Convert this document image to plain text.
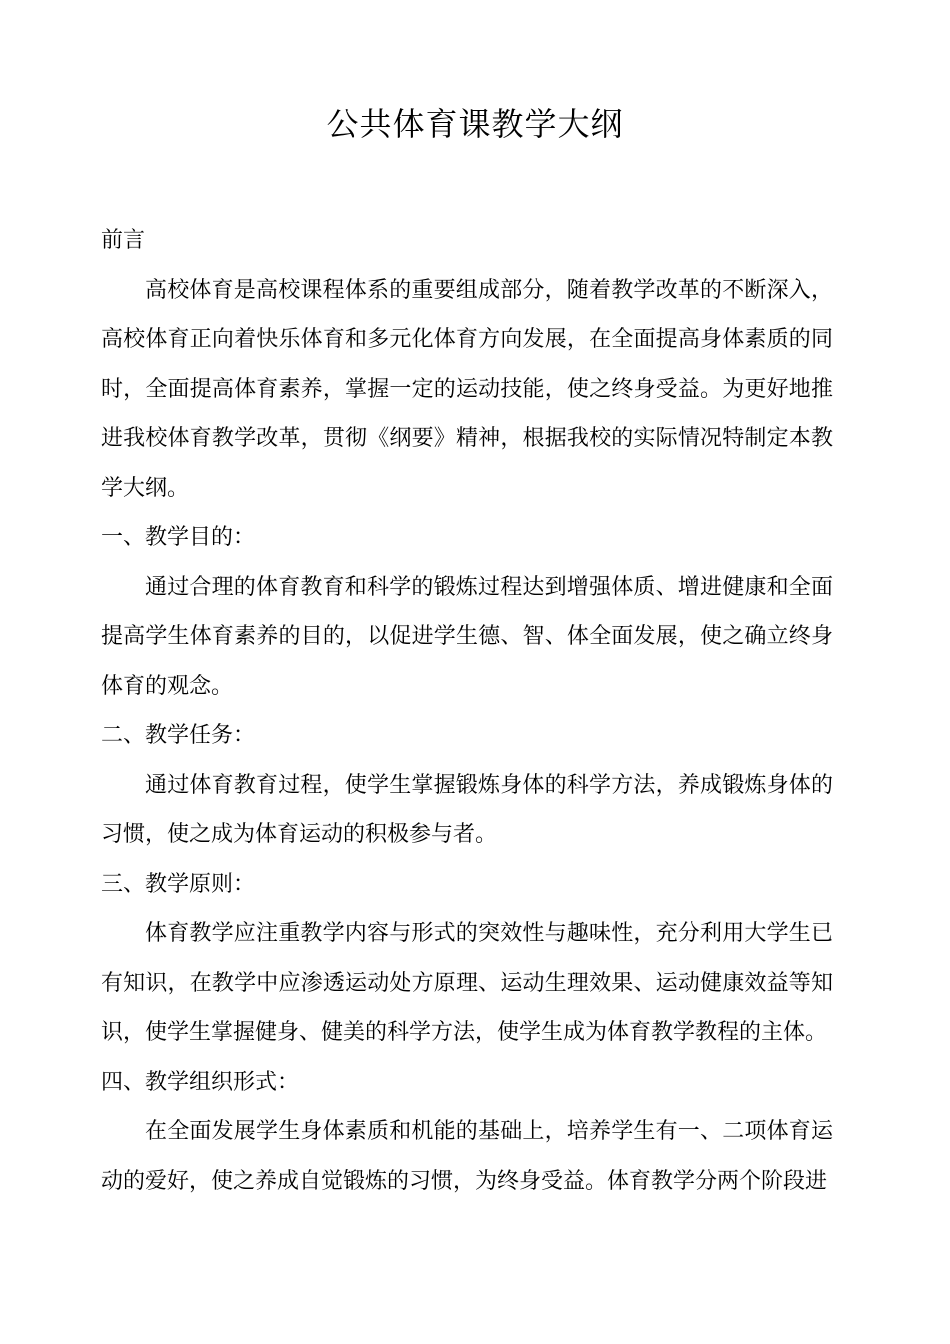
公共体育课教学大纲

前言

高校体育是高校课程体系的重要组成部分，随着教学改革的不断深入，高校体育正向着快乐体育和多元化体育方向发展，在全面提高身体素质的同时，全面提高体育素养，掌握一定的运动技能，使之终身受益。为更好地推进我校体育教学改革，贯彻《纲要》精神，根据我校的实际情况特制定本教学大纲。

一、教学目的：

通过合理的体育教育和科学的锻炼过程达到增强体质、增进健康和全面提高学生体育素养的目的，以促进学生德、智、体全面发展，使之确立终身体育的观念。

二、教学任务：

通过体育教育过程，使学生掌握锻炼身体的科学方法，养成锻炼身体的习惯，使之成为体育运动的积极参与者。

三、教学原则：

体育教学应注重教学内容与形式的突效性与趣味性，充分利用大学生已有知识，在教学中应渗透运动处方原理、运动生理效果、运动健康效益等知识，使学生掌握健身、健美的科学方法，使学生成为体育教学教程的主体。

四、教学组织形式：

在全面发展学生身体素质和机能的基础上，培养学生有一、二项体育运动的爱好，使之养成自觉锻炼的习惯，为终身受益。体育教学分两个阶段进
